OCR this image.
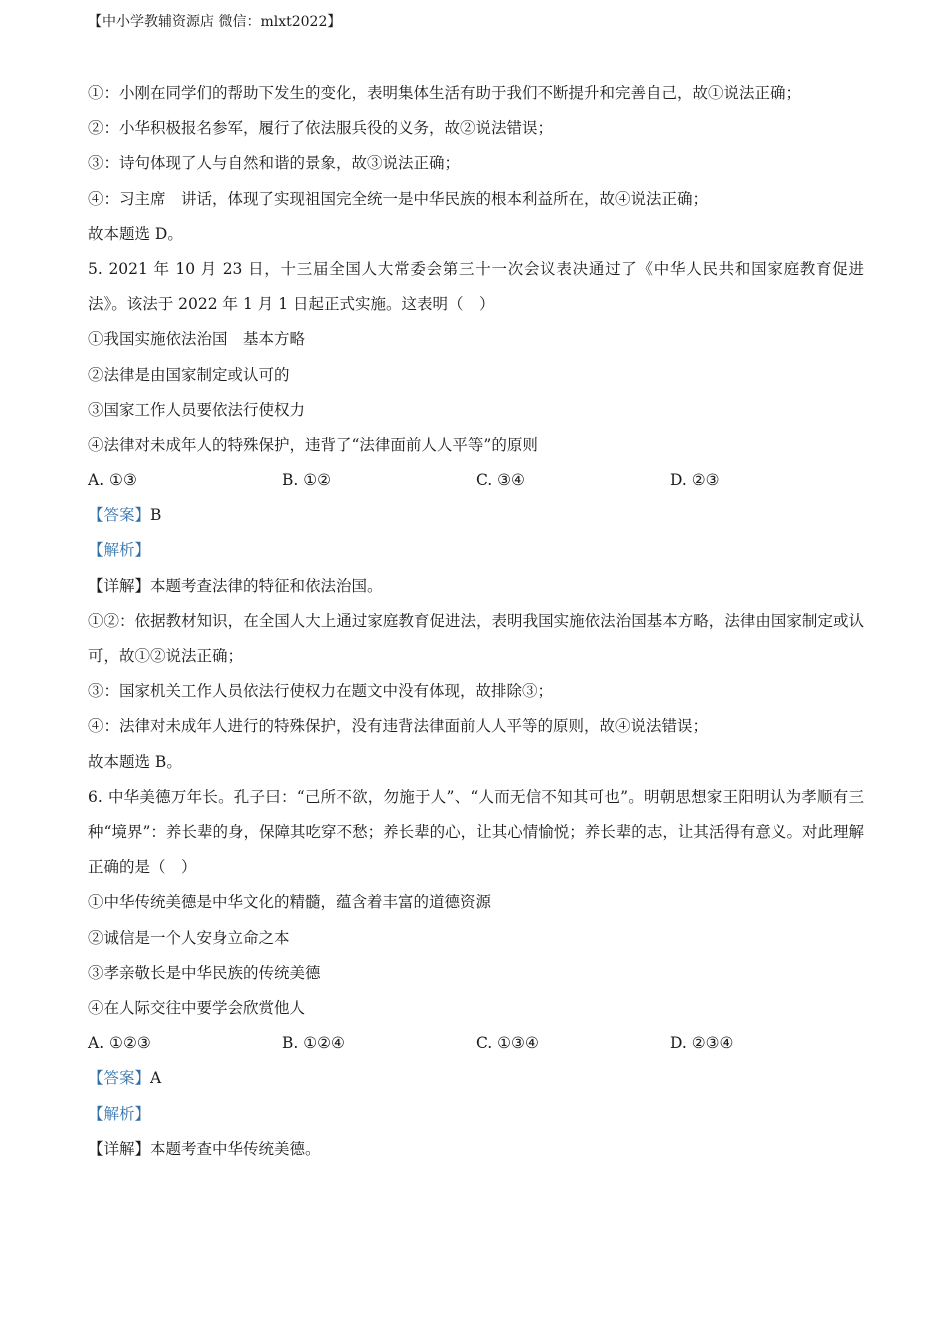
【中小学教辅资源店 微信：mlxt2022】
①：小刚在同学们的帮助下发生的变化，表明集体生活有助于我们不断提升和完善自己，故①说法正确；
②：小华积极报名参军，履行了依法服兵役的义务，故②说法错误；
③：诗句体现了人与自然和谐的景象，故③说法正确；
④：习主席　讲话，体现了实现祖国完全统一是中华民族的根本利益所在，故④说法正确；
故本题选 D。
5. 2021 年 10 月 23 日，十三届全国人大常委会第三十一次会议表决通过了《中华人民共和国家庭教育促进法》。该法于 2022 年 1 月 1 日起正式实施。这表明（　）
①我国实施依法治国　基本方略
②法律是由国家制定或认可的
③国家工作人员要依法行使权力
④法律对未成年人的特殊保护，违背了“法律面前人人平等”的原则
A. ①③	B. ①②	C. ③④	D. ②③
【答案】B
【解析】
【详解】本题考查法律的特征和依法治国。
①②：依据教材知识，在全国人大上通过家庭教育促进法，表明我国实施依法治国基本方略，法律由国家制定或认可，故①②说法正确；
③：国家机关工作人员依法行使权力在题文中没有体现，故排除③；
④：法律对未成年人进行的特殊保护，没有违背法律面前人人平等的原则，故④说法错误；
故本题选 B。
6. 中华美德万年长。孔子曰：“己所不欲，勿施于人”、“人而无信不知其可也”。明朝思想家王阳明认为孝顺有三种“境界”：养长辈的身，保障其吃穿不愁；养长辈的心，让其心情愉悦；养长辈的志，让其活得有意义。对此理解正确的是（　）
①中华传统美德是中华文化的精髓，蕴含着丰富的道德资源
②诚信是一个人安身立命之本
③孝亲敬长是中华民族的传统美德
④在人际交往中要学会欣赏他人
A. ①②③	B. ①②④	C. ①③④	D. ②③④
【答案】A
【解析】
【详解】本题考查中华传统美德。
